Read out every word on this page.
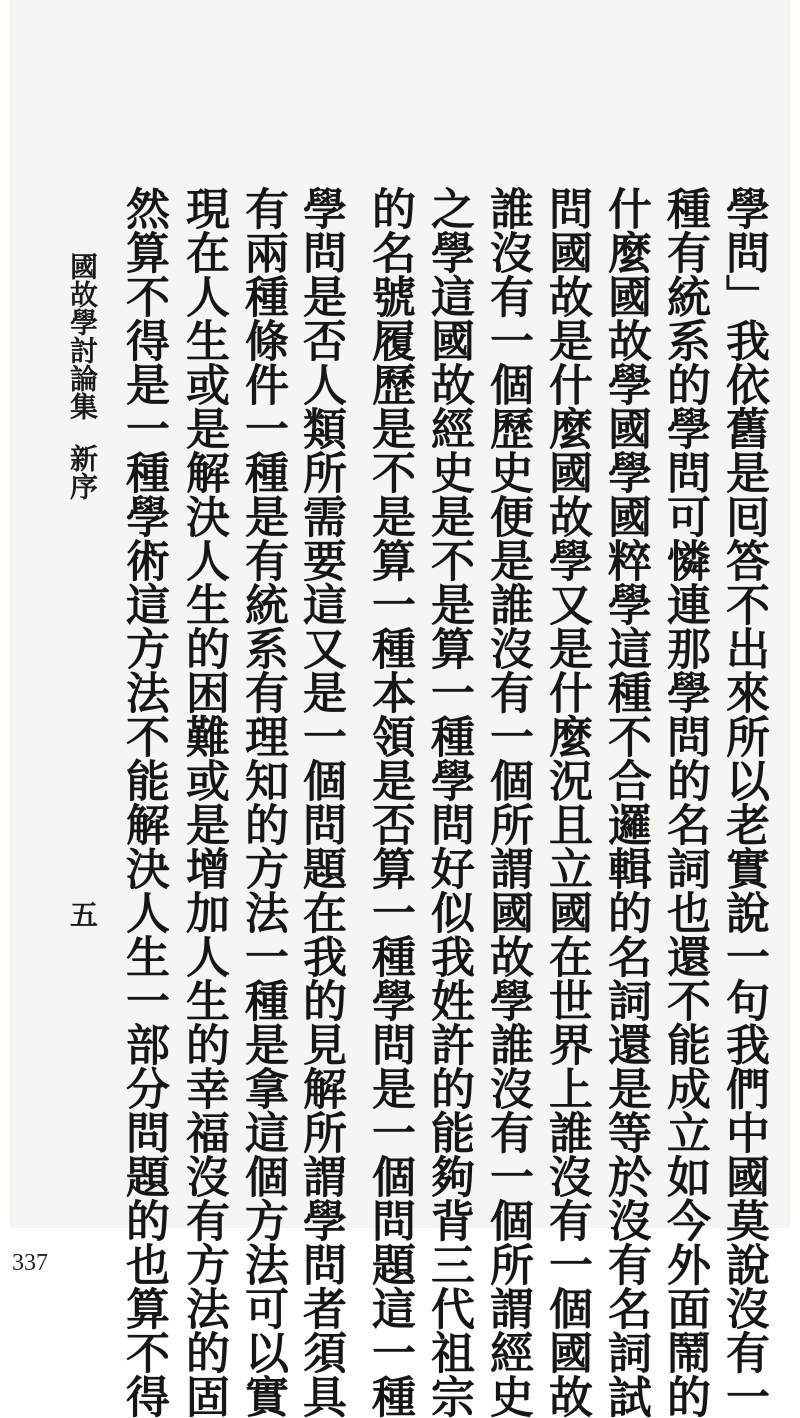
學問」我依舊是囘答不出來所以老實說一句我們中國莫說沒有一
種有統系的學問可憐連那學問的名詞也還不能成立如今外面鬧的
什麼國故學國學國粹學這種不合邏輯的名詞還是等於沒有名詞試
問國故是什麼國故學又是什麼況且立國在世界上誰沒有一個國故
誰沒有一個歷史便是誰沒有一個所謂國故學誰沒有一個所謂經史
之學這國故經史是不是算一種學問好似我姓許的能夠背三代祖宗
的名號履歷是不是算一種本領是否算一種學問是一個問題這一種
學問是否人類所需要這又是一個問題在我的見解所謂學問者須具
有兩種條件一種是有統系有理知的方法一種是拿這個方法可以實
現在人生或是解決人生的困難或是增加人生的幸福沒有方法的固
然算不得是一種學術這方法不能解決人生一部分問題的也算不得
國故學討論集新序
五
337
